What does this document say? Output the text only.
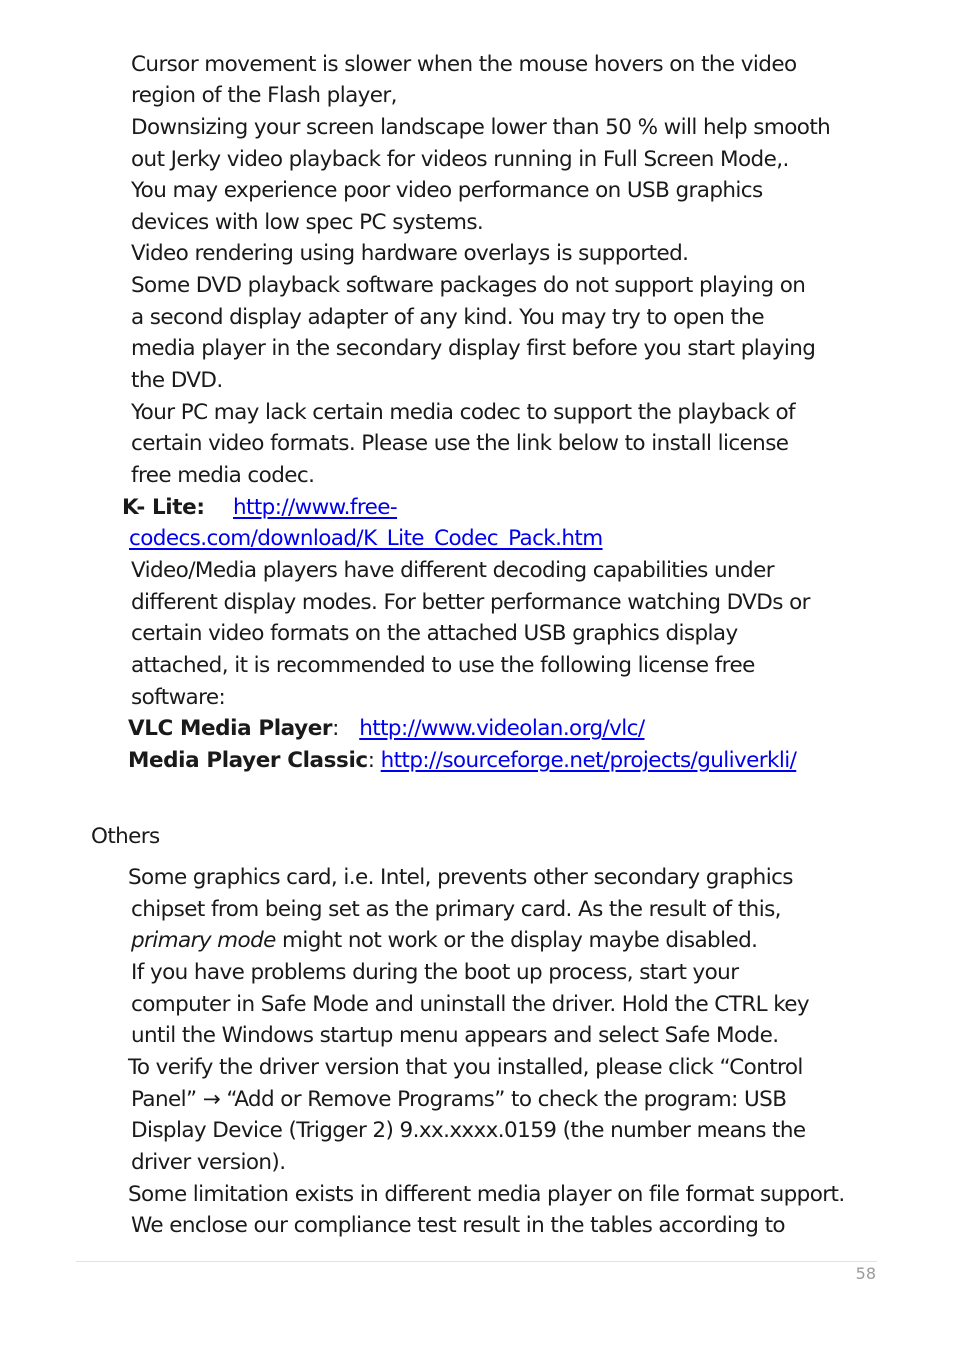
Cursor movement is slower when the mouse hovers on the video
region of the Flash player,
Downsizing your screen landscape lower than 50 % will help smooth
out Jerky video playback for videos running in Full Screen Mode,.
You may experience poor video performance on USB graphics
devices with low spec PC systems.
Video rendering using hardware overlays is supported.
Some DVD playback software packages do not support playing on
a second display adapter of any kind. You may try to open the
media player in the secondary display first before you start playing
the DVD.
Your PC may lack certain media codec to support the playback of
certain video formats. Please use the link below to install license
free media codec.
K- Lite: http://www.free-
codecs.com/download/K_Lite_Codec_Pack.htm
Video/Media players have different decoding capabilities under
different display modes. For better performance watching DVDs or
certain video formats on the attached USB graphics display
attached, it is recommended to use the following license free
software:
VLC Media Player: http://www.videolan.org/vlc/
Media Player Classic: http://sourceforge.net/projects/guliverkli/
Others
Some graphics card, i.e. Intel, prevents other secondary graphics
chipset from being set as the primary card. As the result of this,
primary mode might not work or the display maybe disabled.
If you have problems during the boot up process, start your
computer in Safe Mode and uninstall the driver. Hold the CTRL key
until the Windows startup menu appears and select Safe Mode.
To verify the driver version that you installed, please click “Control
Panel” → “Add or Remove Programs” to check the program: USB
Display Device (Trigger 2) 9.xx.xxxx.0159 (the number means the
driver version).
Some limitation exists in different media player on file format support.
We enclose our compliance test result in the tables according to
58
